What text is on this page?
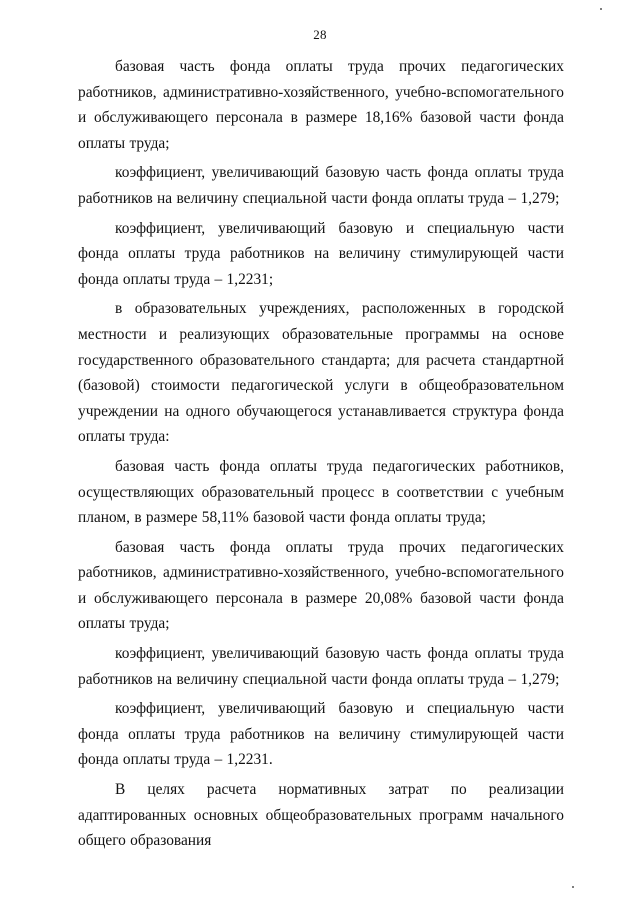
28

базовая часть фонда оплаты труда прочих педагогических работников, административно-хозяйственного, учебно-вспомогательного и обслуживающего персонала в размере 18,16% базовой части фонда оплаты труда;

коэффициент, увеличивающий базовую часть фонда оплаты труда работников на величину специальной части фонда оплаты труда – 1,279;

коэффициент, увеличивающий базовую и специальную части фонда оплаты труда работников на величину стимулирующей части фонда оплаты труда – 1,2231;

в образовательных учреждениях, расположенных в городской местности и реализующих образовательные программы на основе государственного образовательного стандарта; для расчета стандартной (базовой) стоимости педагогической услуги в общеобразовательном учреждении на одного обучающегося устанавливается структура фонда оплаты труда:

базовая часть фонда оплаты труда педагогических работников, осуществляющих образовательный процесс в соответствии с учебным планом, в размере 58,11% базовой части фонда оплаты труда;

базовая часть фонда оплаты труда прочих педагогических работников, административно-хозяйственного, учебно-вспомогательного и обслуживающего персонала в размере 20,08% базовой части фонда оплаты труда;

коэффициент, увеличивающий базовую часть фонда оплаты труда работников на величину специальной части фонда оплаты труда – 1,279;

коэффициент, увеличивающий базовую и специальную части фонда оплаты труда работников на величину стимулирующей части фонда оплаты труда – 1,2231.

В целях расчета нормативных затрат по реализации адаптированных основных общеобразовательных программ начального общего образования
